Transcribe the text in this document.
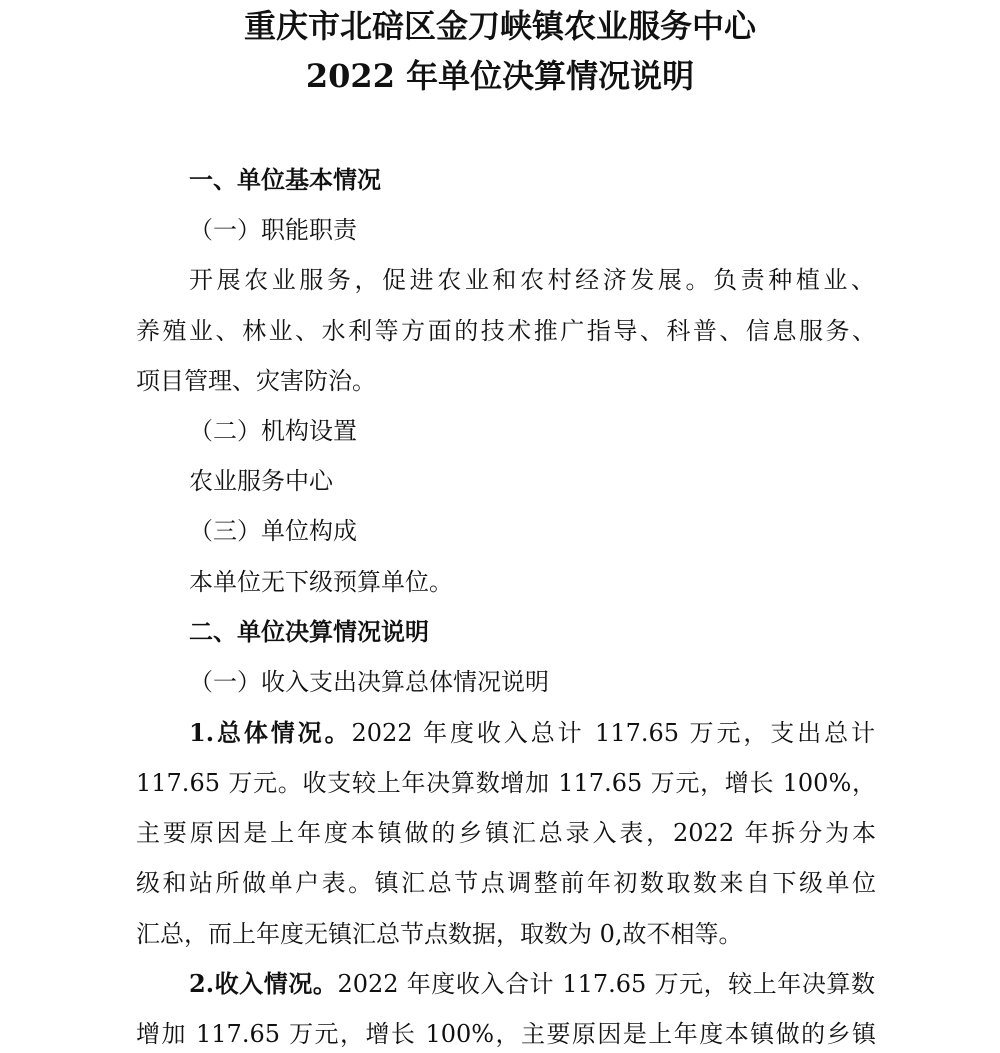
重庆市北碚区金刀峡镇农业服务中心
2022 年单位决算情况说明
一、单位基本情况
（一）职能职责
开展农业服务，促进农业和农村经济发展。负责种植业、
养殖业、林业、水利等方面的技术推广指导、科普、信息服务、
项目管理、灾害防治。
（二）机构设置
农业服务中心
（三）单位构成
本单位无下级预算单位。
二、单位决算情况说明
（一）收入支出决算总体情况说明
1.总体情况。2022 年度收入总计 117.65 万元，支出总计
117.65 万元。收支较上年决算数增加 117.65 万元，增长 100%，
主要原因是上年度本镇做的乡镇汇总录入表，2022 年拆分为本
级和站所做单户表。镇汇总节点调整前年初数取数来自下级单位
汇总，而上年度无镇汇总节点数据，取数为 0,故不相等。
2.收入情况。2022 年度收入合计 117.65 万元，较上年决算数
增加 117.65 万元，增长 100%，主要原因是上年度本镇做的乡镇
